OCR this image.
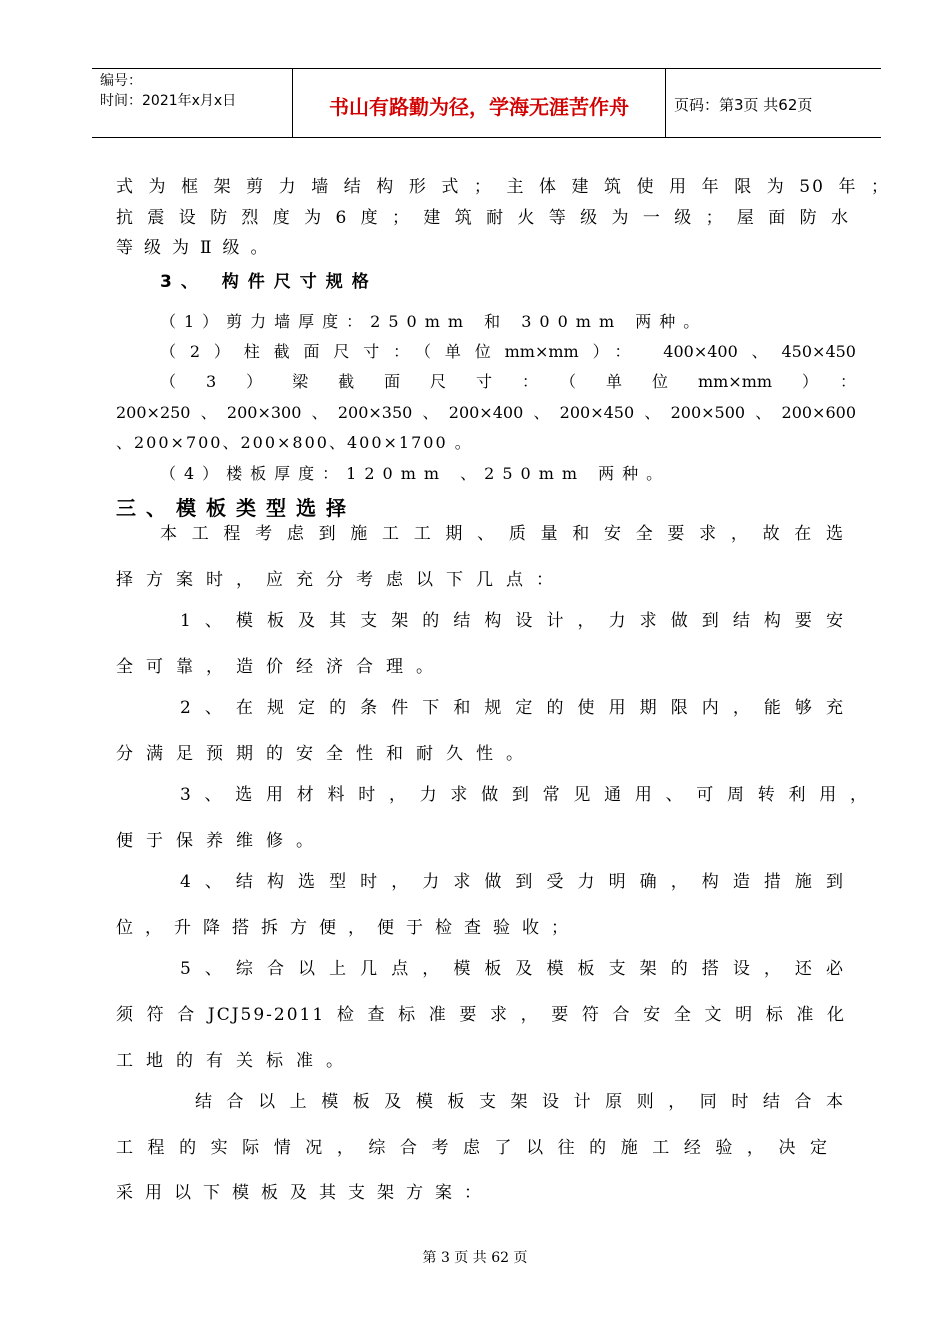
编号：
时间：2021年x月x日	书山有路勤为径，学海无涯苦作舟	页码：第3页 共62页
式为框架剪力墙结构形式；主体建筑使用年限为50年；
抗震设防烈度为6度；建筑耐火等级为一级；屋面防水
等级为Ⅱ级。
3、 构件尺寸规格
（1）剪力墙厚度：250mm 和 300mm 两种。
（2）柱截面尺寸：（单位mm×mm）： 400×400、450×450
（3）梁截面尺寸：（单位mm×mm）：
200×250、200×300、200×350、200×400、200×450、200×500、200×600
、200×700、200×800、400×1700 。
（4）楼板厚度：120mm 、250mm 两种。
三、模板类型选择
本工程考虑到施工工期、质量和安全要求，故在选
择方案时，应充分考虑以下几点：
1、模板及其支架的结构设计，力求做到结构要安
全可靠，造价经济合理。
2、在规定的条件下和规定的使用期限内，能够充
分满足预期的安全性和耐久性。
3、选用材料时，力求做到常见通用、可周转利用，
便于保养维修。
4、结构选型时，力求做到受力明确，构造措施到
位，升降搭拆方便，便于检查验收；
5、综合以上几点，模板及模板支架的搭设，还必
须符合JCJ59-2011检查标准要求，要符合安全文明标准化
工地的有关标准。
结合以上模板及模板支架设计原则，同时结合本
工程的实际情况，综合考虑了以往的施工经验，决定
采用以下模板及其支架方案：
第 3 页 共 62 页
